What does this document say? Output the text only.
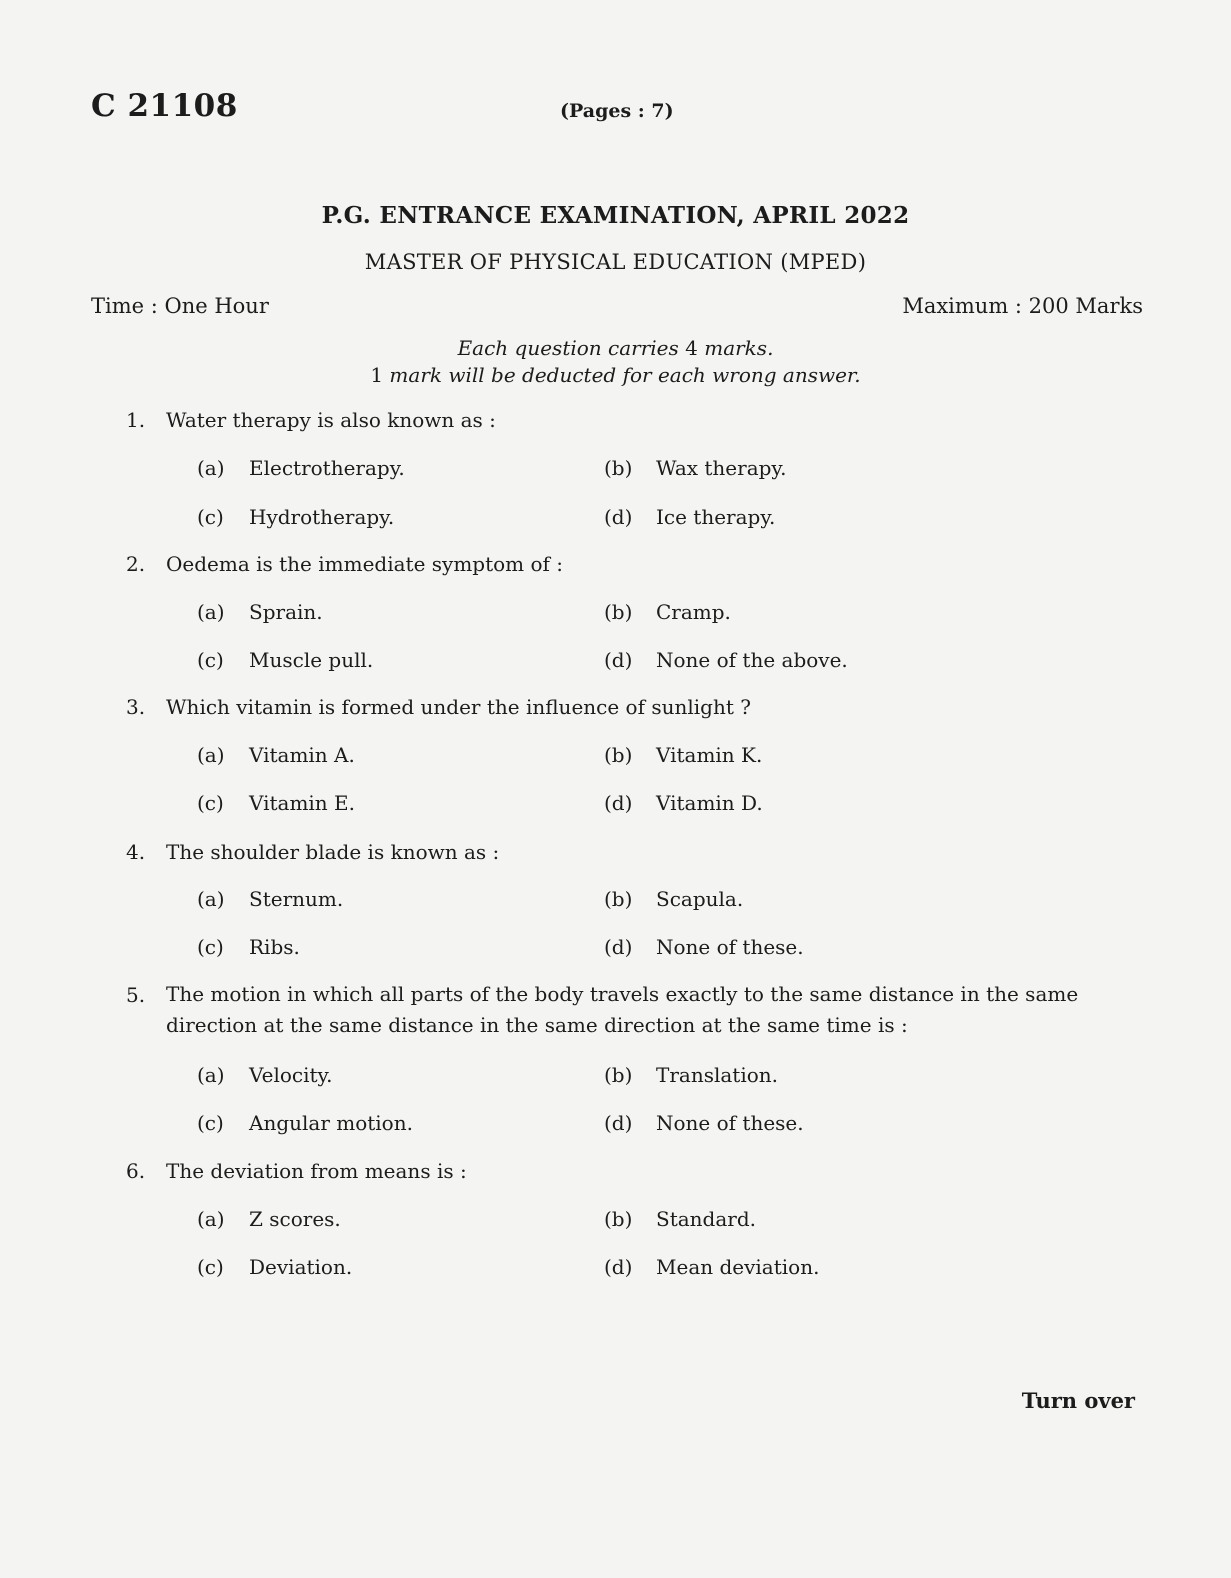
C 21108	(Pages : 7)
P.G. ENTRANCE EXAMINATION, APRIL 2022
MASTER OF PHYSICAL EDUCATION (MPED)
Time : One Hour	Maximum : 200 Marks
Each question carries 4 marks.
1 mark will be deducted for each wrong answer.
1. Water therapy is also known as :
(a) Electrotherapy.	(b) Wax therapy.
(c) Hydrotherapy.	(d) Ice therapy.
2. Oedema is the immediate symptom of :
(a) Sprain.	(b) Cramp.
(c) Muscle pull.	(d) None of the above.
3. Which vitamin is formed under the influence of sunlight ?
(a) Vitamin A.	(b) Vitamin K.
(c) Vitamin E.	(d) Vitamin D.
4. The shoulder blade is known as :
(a) Sternum.	(b) Scapula.
(c) Ribs.	(d) None of these.
5. The motion in which all parts of the body travels exactly to the same distance in the same direction at the same distance in the same direction at the same time is :
(a) Velocity.	(b) Translation.
(c) Angular motion.	(d) None of these.
6. The deviation from means is :
(a) Z scores.	(b) Standard.
(c) Deviation.	(d) Mean deviation.
Turn over
